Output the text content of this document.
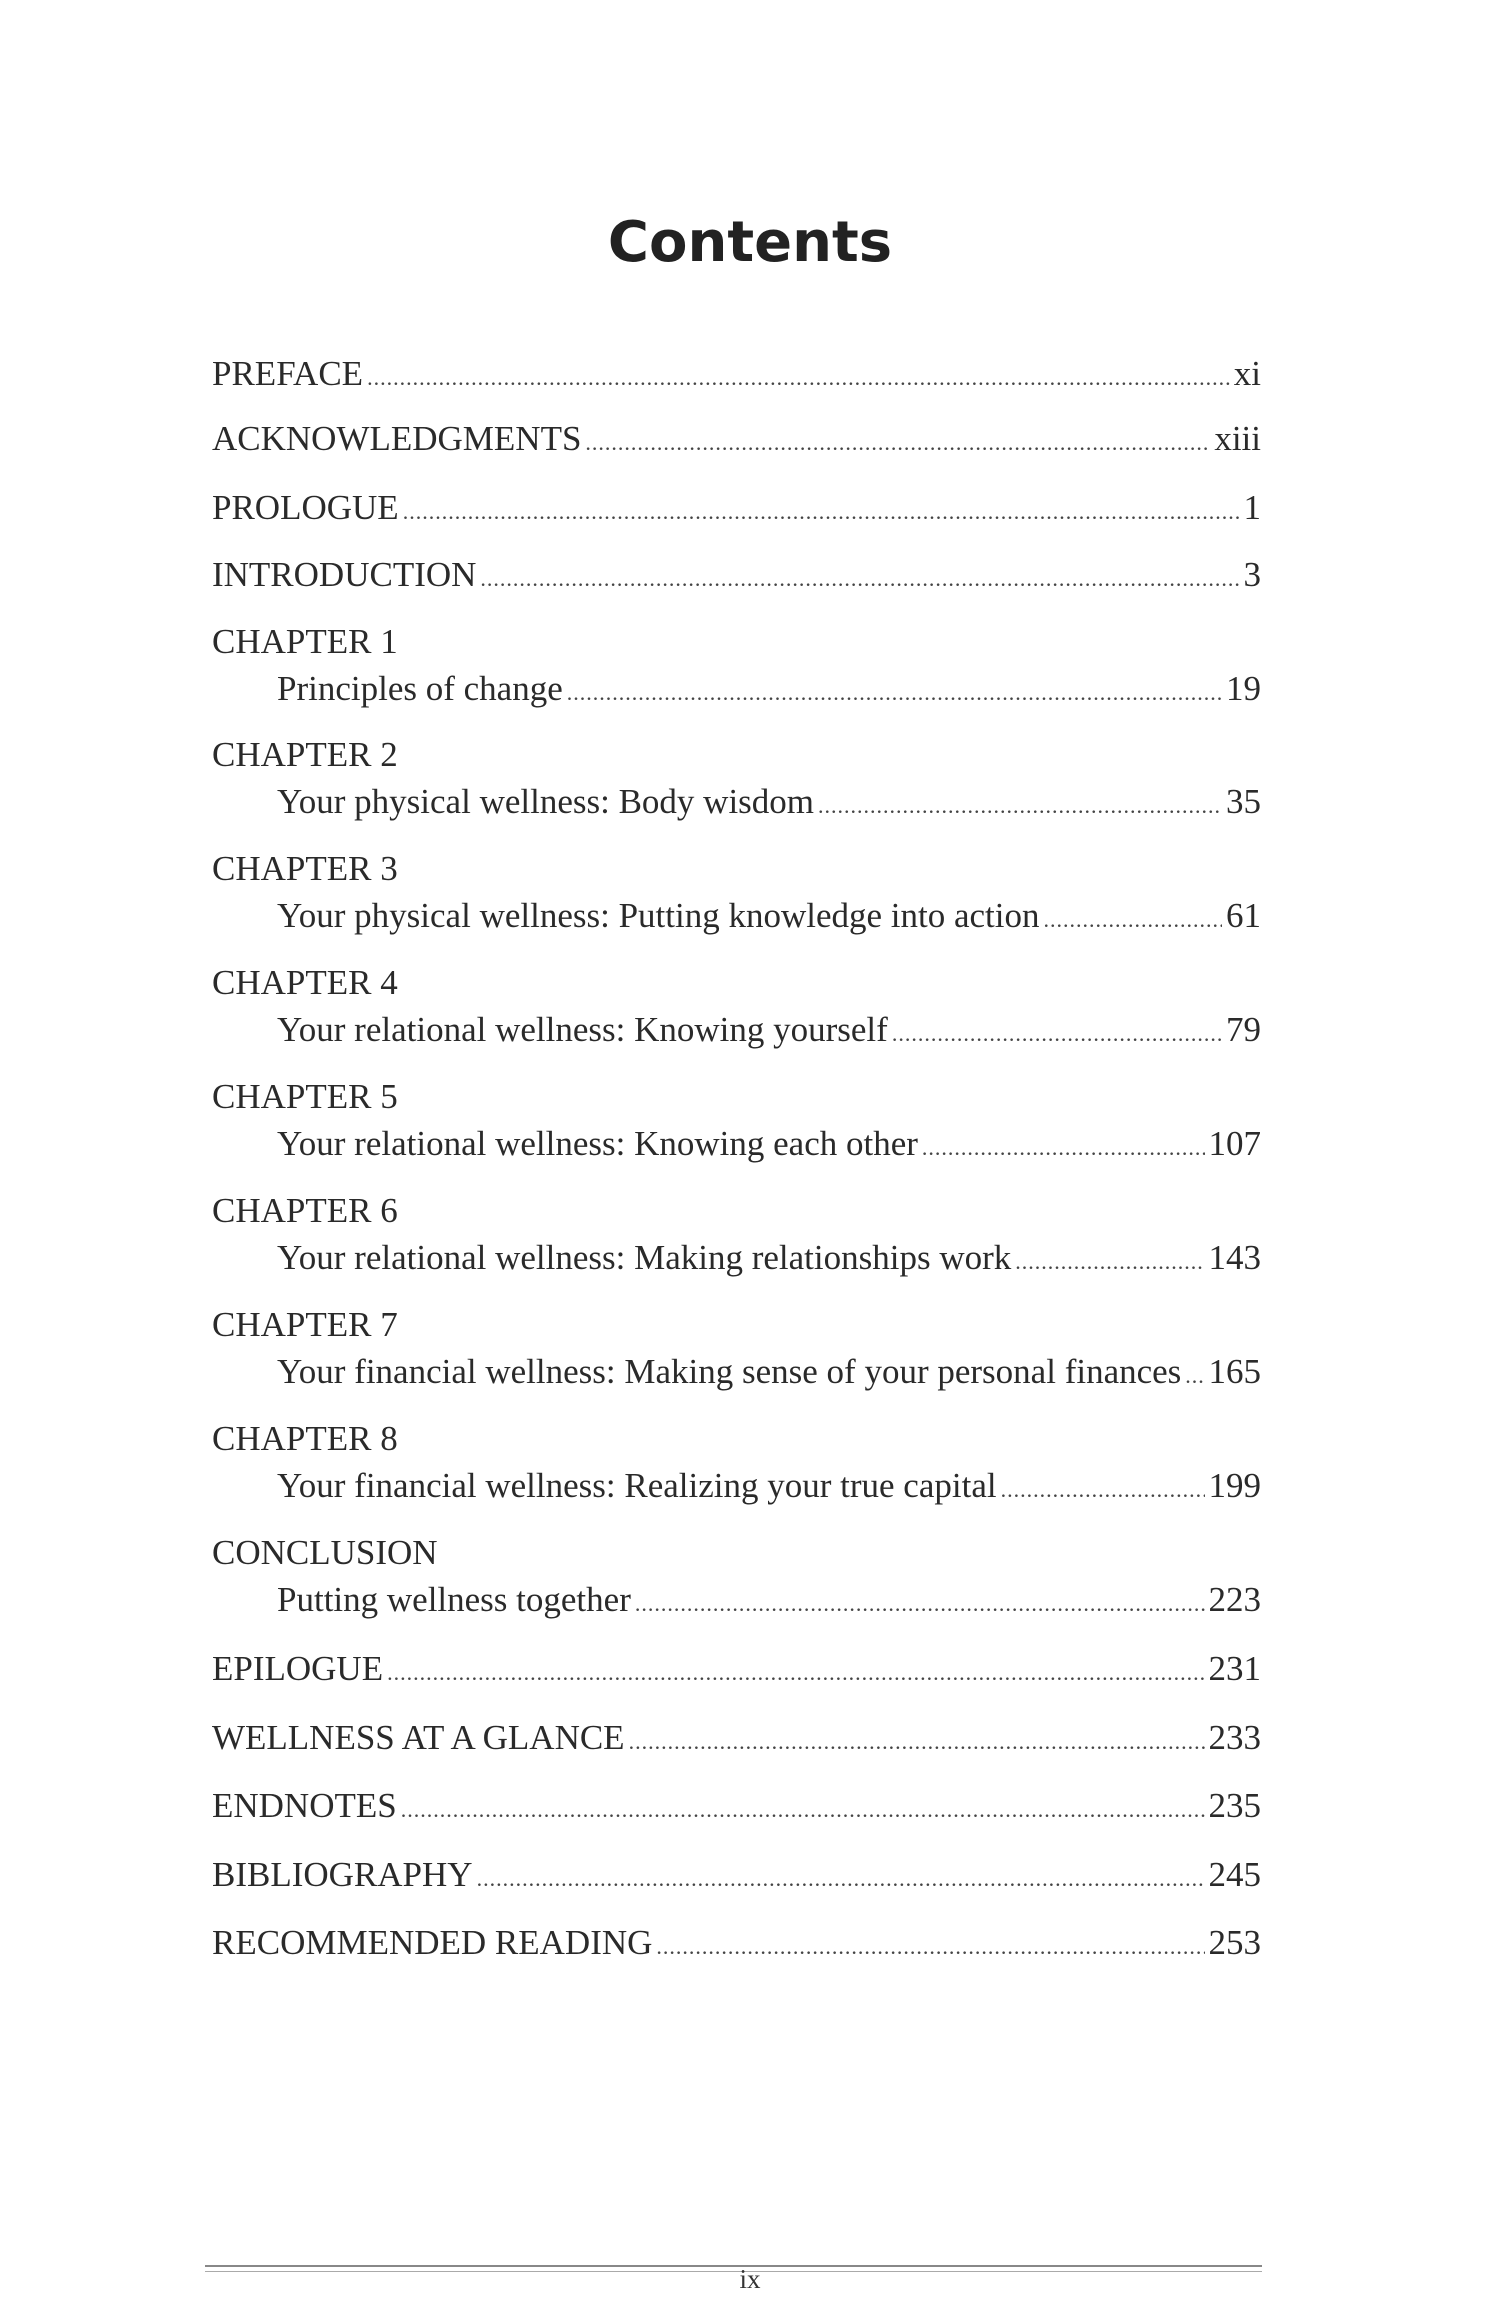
Contents
PREFACE .....	xi
ACKNOWLEDGMENTS .....	xiii
PROLOGUE .....	1
INTRODUCTION .....	3
CHAPTER 1
Principles of change .....	19
CHAPTER 2
Your physical wellness: Body wisdom .....	35
CHAPTER 3
Your physical wellness: Putting knowledge into action .....	61
CHAPTER 4
Your relational wellness: Knowing yourself .....	79
CHAPTER 5
Your relational wellness: Knowing each other .....	107
CHAPTER 6
Your relational wellness: Making relationships work .....	143
CHAPTER 7
Your financial wellness: Making sense of your personal finances ..... 165
CHAPTER 8
Your financial wellness: Realizing your true capital .....	199
CONCLUSION
Putting wellness together .....	223
EPILOGUE .....	231
WELLNESS AT A GLANCE .....	233
ENDNOTES .....	235
BIBLIOGRAPHY .....	245
RECOMMENDED READING .....	253
ix
